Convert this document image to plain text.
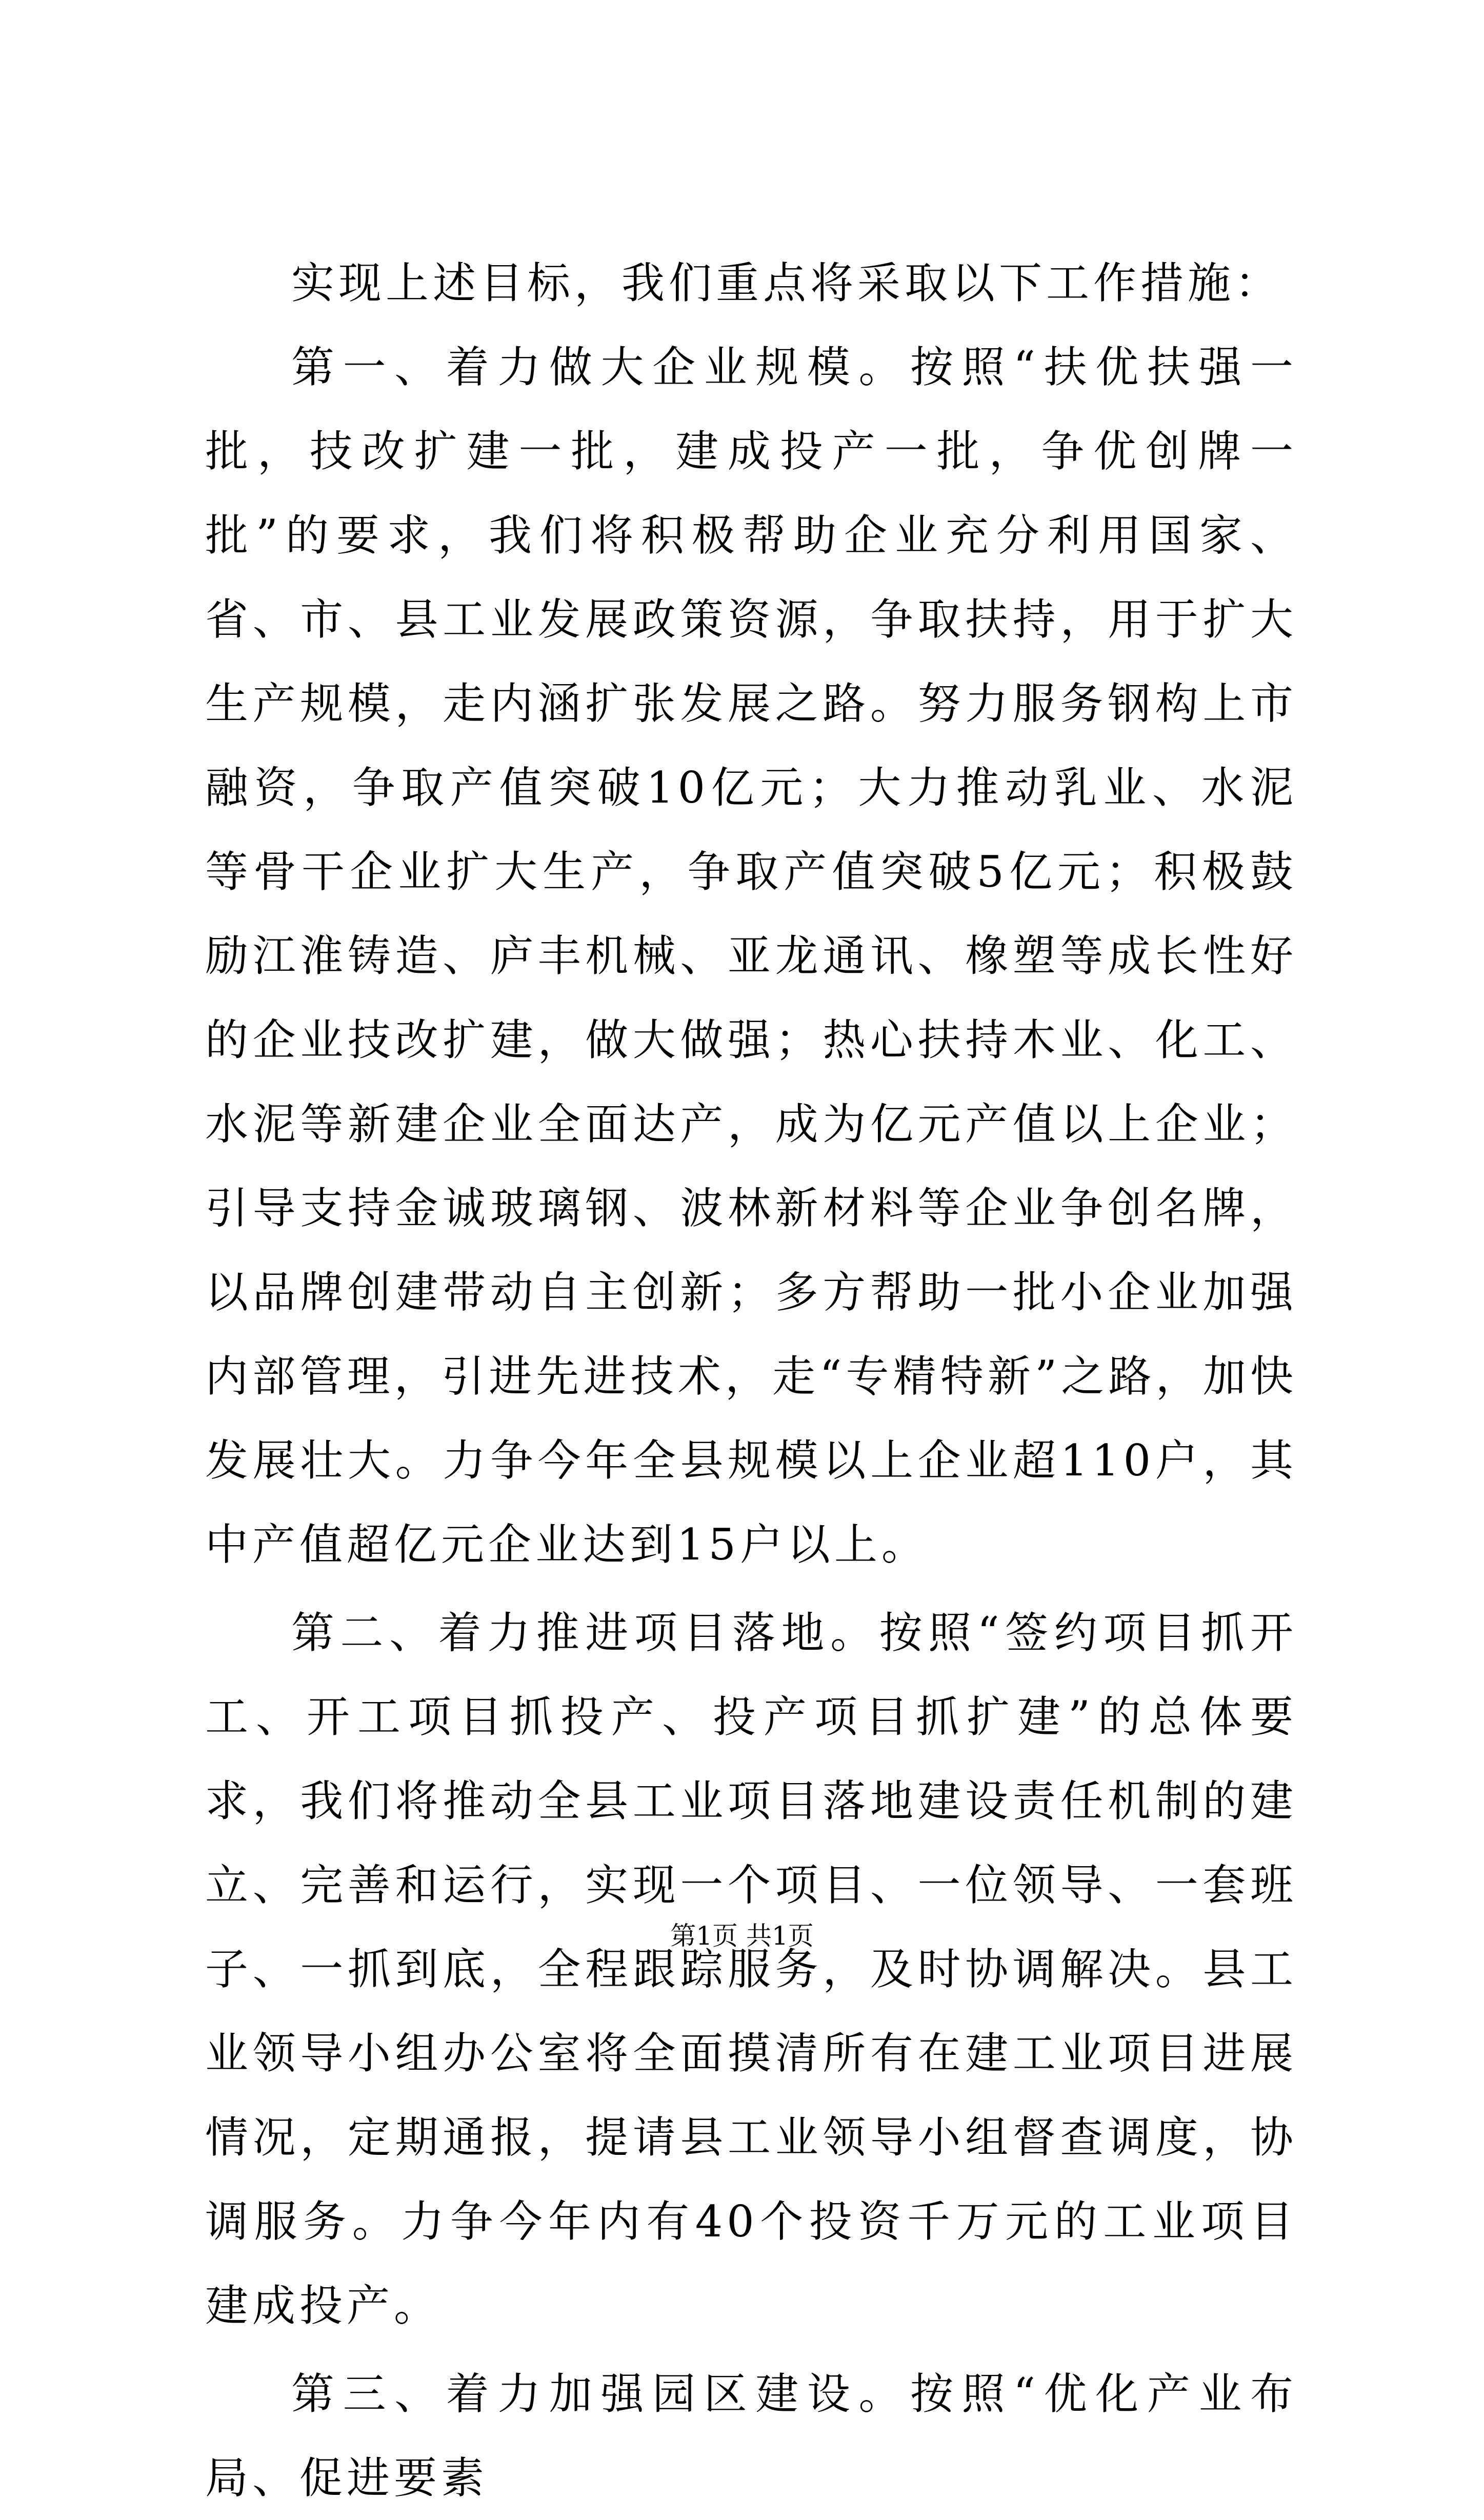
实现上述目标，我们重点将采取以下工作措施：

第一、着力做大企业规模。按照“扶优扶强一批，技改扩建一批，建成投产一批，争优创牌一批”的要求，我们将积极帮助企业充分利用国家、省、市、县工业发展政策资源，争取扶持，用于扩大生产规模，走内涵扩张发展之路。努力服务钢构上市融资，争取产值突破10亿元；大力推动乳业、水泥等骨干企业扩大生产，争取产值突破5亿元；积极鼓励江淮铸造、庐丰机械、亚龙通讯、橡塑等成长性好的企业技改扩建，做大做强；热心扶持木业、化工、水泥等新建企业全面达产，成为亿元产值以上企业；引导支持金诚玻璃钢、波林新材料等企业争创名牌，以品牌创建带动自主创新；多方帮助一批小企业加强内部管理，引进先进技术，走“专精特新”之路，加快发展壮大。力争今年全县规模以上企业超110户，其中产值超亿元企业达到15户以上。

第二、着力推进项目落地。按照“签约项目抓开工、开工项目抓投产、投产项目抓扩建”的总体要求，我们将推动全县工业项目落地建设责任机制的建立、完善和运行，实现一个项目、一位领导、一套班子、一抓到底，全程跟踪服务，及时协调解决。县工业领导小组办公室将全面摸清所有在建工业项目进展情况，定期通报，提请县工业领导小组督查调度，协调服务。力争今年内有40个投资千万元的工业项目建成投产。

第三、着力加强园区建设。按照“优化产业布局、促进要素

第1页 共1页
